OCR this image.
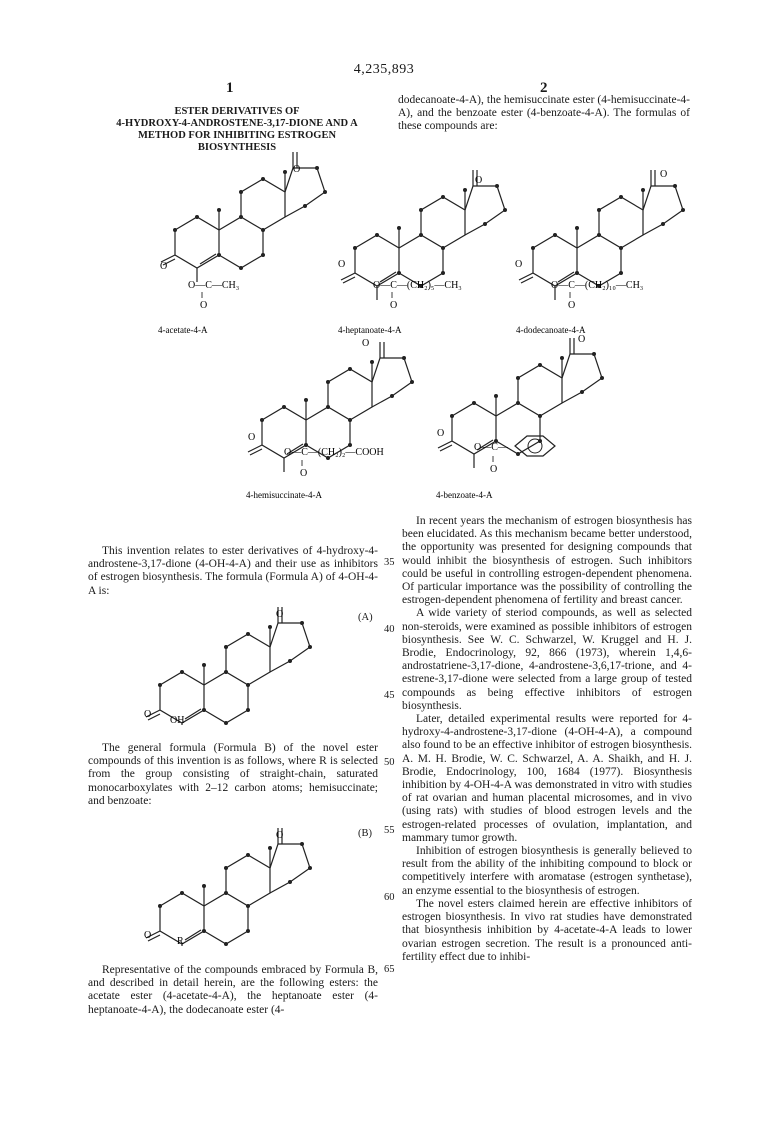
4,235,893
1	2
ESTER DERIVATIVES OF
4-HYDROXY-4-ANDROSTENE-3,17-DIONE AND A
METHOD FOR INHIBITING ESTROGEN
BIOSYNTHESIS
dodecanoate-4-A), the hemisuccinate ester (4-hemisuccinate-4-A), and the benzoate ester (4-benzoate-4-A). The formulas of these compounds are:
O
O
O—C—CH₃
‖
O
4-acetate-4-A
O
O
O—C—(CH₂)₅—CH₃
‖
O
4-heptanoate-4-A
O
O
O—C—(CH₂)₁₀—CH₃
‖
O
4-dodecanoate-4-A
O
O
O—C—(CH₂)₂—COOH
‖
O
4-hemisuccinate-4-A
O
O
O—C—
‖
O
4-benzoate-4-A

This invention relates to ester derivatives of 4-hydroxy-4-androstene-3,17-dione (4-OH-4-A) and their use as inhibitors of estrogen biosynthesis. The formula (Formula A) of 4-OH-4-A is:

O
O
OH
(A)

The general formula (Formula B) of the novel ester compounds of this invention is as follows, where R is selected from the group consisting of straight-chain, saturated monocarboxylates with 2–12 carbon atoms; hemisuccinate; and benzoate:

O
O
R
(B)

Representative of the compounds embraced by Formula B, and described in detail herein, are the following esters: the acetate ester (4-acetate-4-A), the heptanoate ester (4-heptanoate-4-A), the dodecanoate ester (4-

35
40
45
50
55
60
65

In recent years the mechanism of estrogen biosynthesis has been elucidated. As this mechanism became better understood, the opportunity was presented for designing compounds that would inhibit the biosynthesis of estrogen. Such inhibitors could be useful in controlling estrogen-dependent phenomena. Of particular importance was the possibility of controlling the estrogen-dependent phenomena of fertility and breast cancer.

A wide variety of steriod compounds, as well as selected non-steroids, were examined as possible inhibitors of estrogen biosynthesis. See W. C. Schwarzel, W. Kruggel and H. J. Brodie, Endocrinology, 92, 866 (1973), wherein 1,4,6-androstatriene-3,17-dione, 4-androstene-3,6,17-trione, and 4-estrene-3,17-dione were selected from a large group of tested compounds as being effective inhibitors of estrogen biosynthesis.

Later, detailed experimental results were reported for 4-hydroxy-4-androstene-3,17-dione (4-OH-4-A), a compound also found to be an effective inhibitor of estrogen biosynthesis. A. M. H. Brodie, W. C. Schwarzel, A. A. Shaikh, and H. J. Brodie, Endocrinology, 100, 1684 (1977). Biosynthesis inhibition by 4-OH-4-A was demonstrated in vitro with studies of rat ovarian and human placental microsomes, and in vivo (using rats) with studies of blood estrogen levels and the estrogen-related processes of ovulation, implantation, and mammary tumor growth.

Inhibition of estrogen biosynthesis is generally believed to result from the ability of the inhibiting compound to block or competitively interfere with aromatase (estrogen synthetase), an enzyme essential to the biosynthesis of estrogen.

The novel esters claimed herein are effective inhibitors of estrogen biosynthesis. In vivo rat studies have demonstrated that biosynthesis inhibition by 4-acetate-4-A leads to lower ovarian estrogen secretion. The result is a pronounced anti-fertility effect due to inhibi-
